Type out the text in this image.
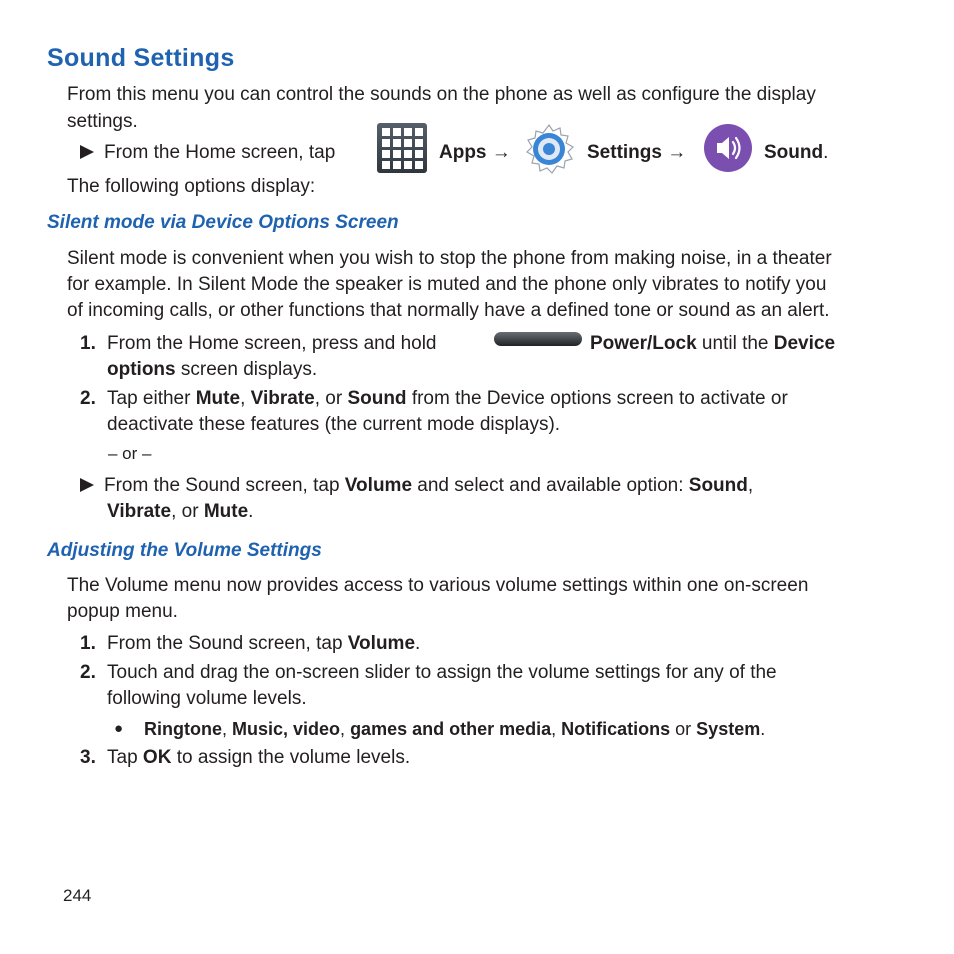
Sound Settings
From this menu you can control the sounds on the phone as well as configure the display
settings.
From the Home screen, tap	Apps →	Settings →	Sound.
The following options display:
Silent mode via Device Options Screen
Silent mode is convenient when you wish to stop the phone from making noise, in a theater
for example. In Silent Mode the speaker is muted and the phone only vibrates to notify you
of incoming calls, or other functions that normally have a defined tone or sound as an alert.
1. From the Home screen, press and hold	Power/Lock until the Device
options screen displays.
2. Tap either Mute, Vibrate, or Sound from the Device options screen to activate or
deactivate these features (the current mode displays).
– or –
From the Sound screen, tap Volume and select and available option: Sound,
Vibrate, or Mute.
Adjusting the Volume Settings
The Volume menu now provides access to various volume settings within one on-screen
popup menu.
1. From the Sound screen, tap Volume.
2. Touch and drag the on-screen slider to assign the volume settings for any of the
following volume levels.
● Ringtone, Music, video, games and other media, Notifications or System.
3. Tap OK to assign the volume levels.
244
